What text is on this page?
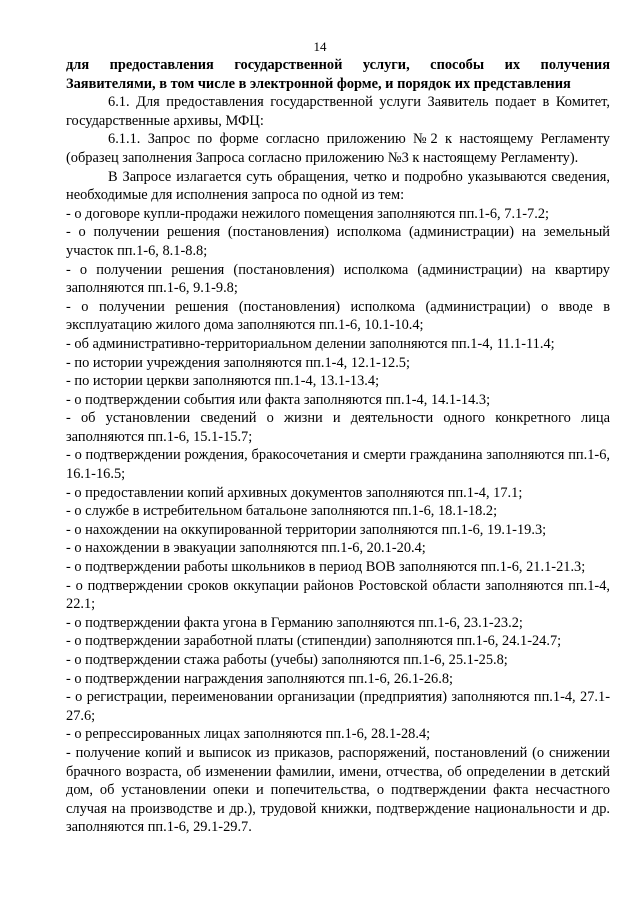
14

для предоставления государственной услуги, способы их получения

Заявителями, в том числе в электронной форме, и порядок их представления

6.1. Для предоставления государственной услуги Заявитель подает в Комитет, государственные архивы, МФЦ:

6.1.1. Запрос по форме согласно приложению №2 к настоящему Регламенту (образец заполнения Запроса согласно приложению №3 к настоящему Регламенту).

В Запросе излагается суть обращения, четко и подробно указываются сведения, необходимые для исполнения запроса по одной из тем:

- о договоре купли-продажи нежилого помещения заполняются пп.1-6, 7.1-7.2;

- о получении решения (постановления) исполкома (администрации) на земельный участок пп.1-6, 8.1-8.8;

- о получении решения (постановления) исполкома (администрации) на квартиру заполняются пп.1-6, 9.1-9.8;

- о получении решения (постановления) исполкома (администрации) о вводе в эксплуатацию жилого дома заполняются пп.1-6, 10.1-10.4;

- об административно-территориальном делении заполняются пп.1-4, 11.1-11.4;

- по истории учреждения заполняются пп.1-4, 12.1-12.5;

- по истории церкви заполняются пп.1-4, 13.1-13.4;

- о подтверждении события или факта заполняются пп.1-4, 14.1-14.3;

- об установлении сведений о жизни и деятельности одного конкретного лица заполняются пп.1-6, 15.1-15.7;

- о подтверждении рождения, бракосочетания и смерти гражданина заполняются пп.1-6, 16.1-16.5;

- о предоставлении копий архивных документов заполняются пп.1-4, 17.1;

- о службе в истребительном батальоне заполняются пп.1-6, 18.1-18.2;

- о нахождении на оккупированной территории заполняются пп.1-6, 19.1-19.3;

- о нахождении в эвакуации заполняются пп.1-6, 20.1-20.4;

- о подтверждении работы школьников в период ВОВ заполняются пп.1-6, 21.1-21.3;

- о подтверждении сроков оккупации районов Ростовской области заполняются пп.1-4, 22.1;

- о подтверждении факта угона в Германию заполняются пп.1-6, 23.1-23.2;

- о подтверждении заработной платы (стипендии) заполняются пп.1-6, 24.1-24.7;

- о подтверждении стажа работы (учебы) заполняются пп.1-6, 25.1-25.8;

- о подтверждении награждения заполняются пп.1-6, 26.1-26.8;

- о регистрации, переименовании организации (предприятия) заполняются пп.1-4, 27.1-27.6;

- о репрессированных лицах заполняются пп.1-6, 28.1-28.4;

- получение копий и выписок из приказов, распоряжений, постановлений (о снижении брачного возраста, об изменении фамилии, имени, отчества, об определении в детский дом, об установлении опеки и попечительства, о подтверждении факта несчастного случая на производстве и др.), трудовой книжки, подтверждение национальности и др. заполняются пп.1-6, 29.1-29.7.
